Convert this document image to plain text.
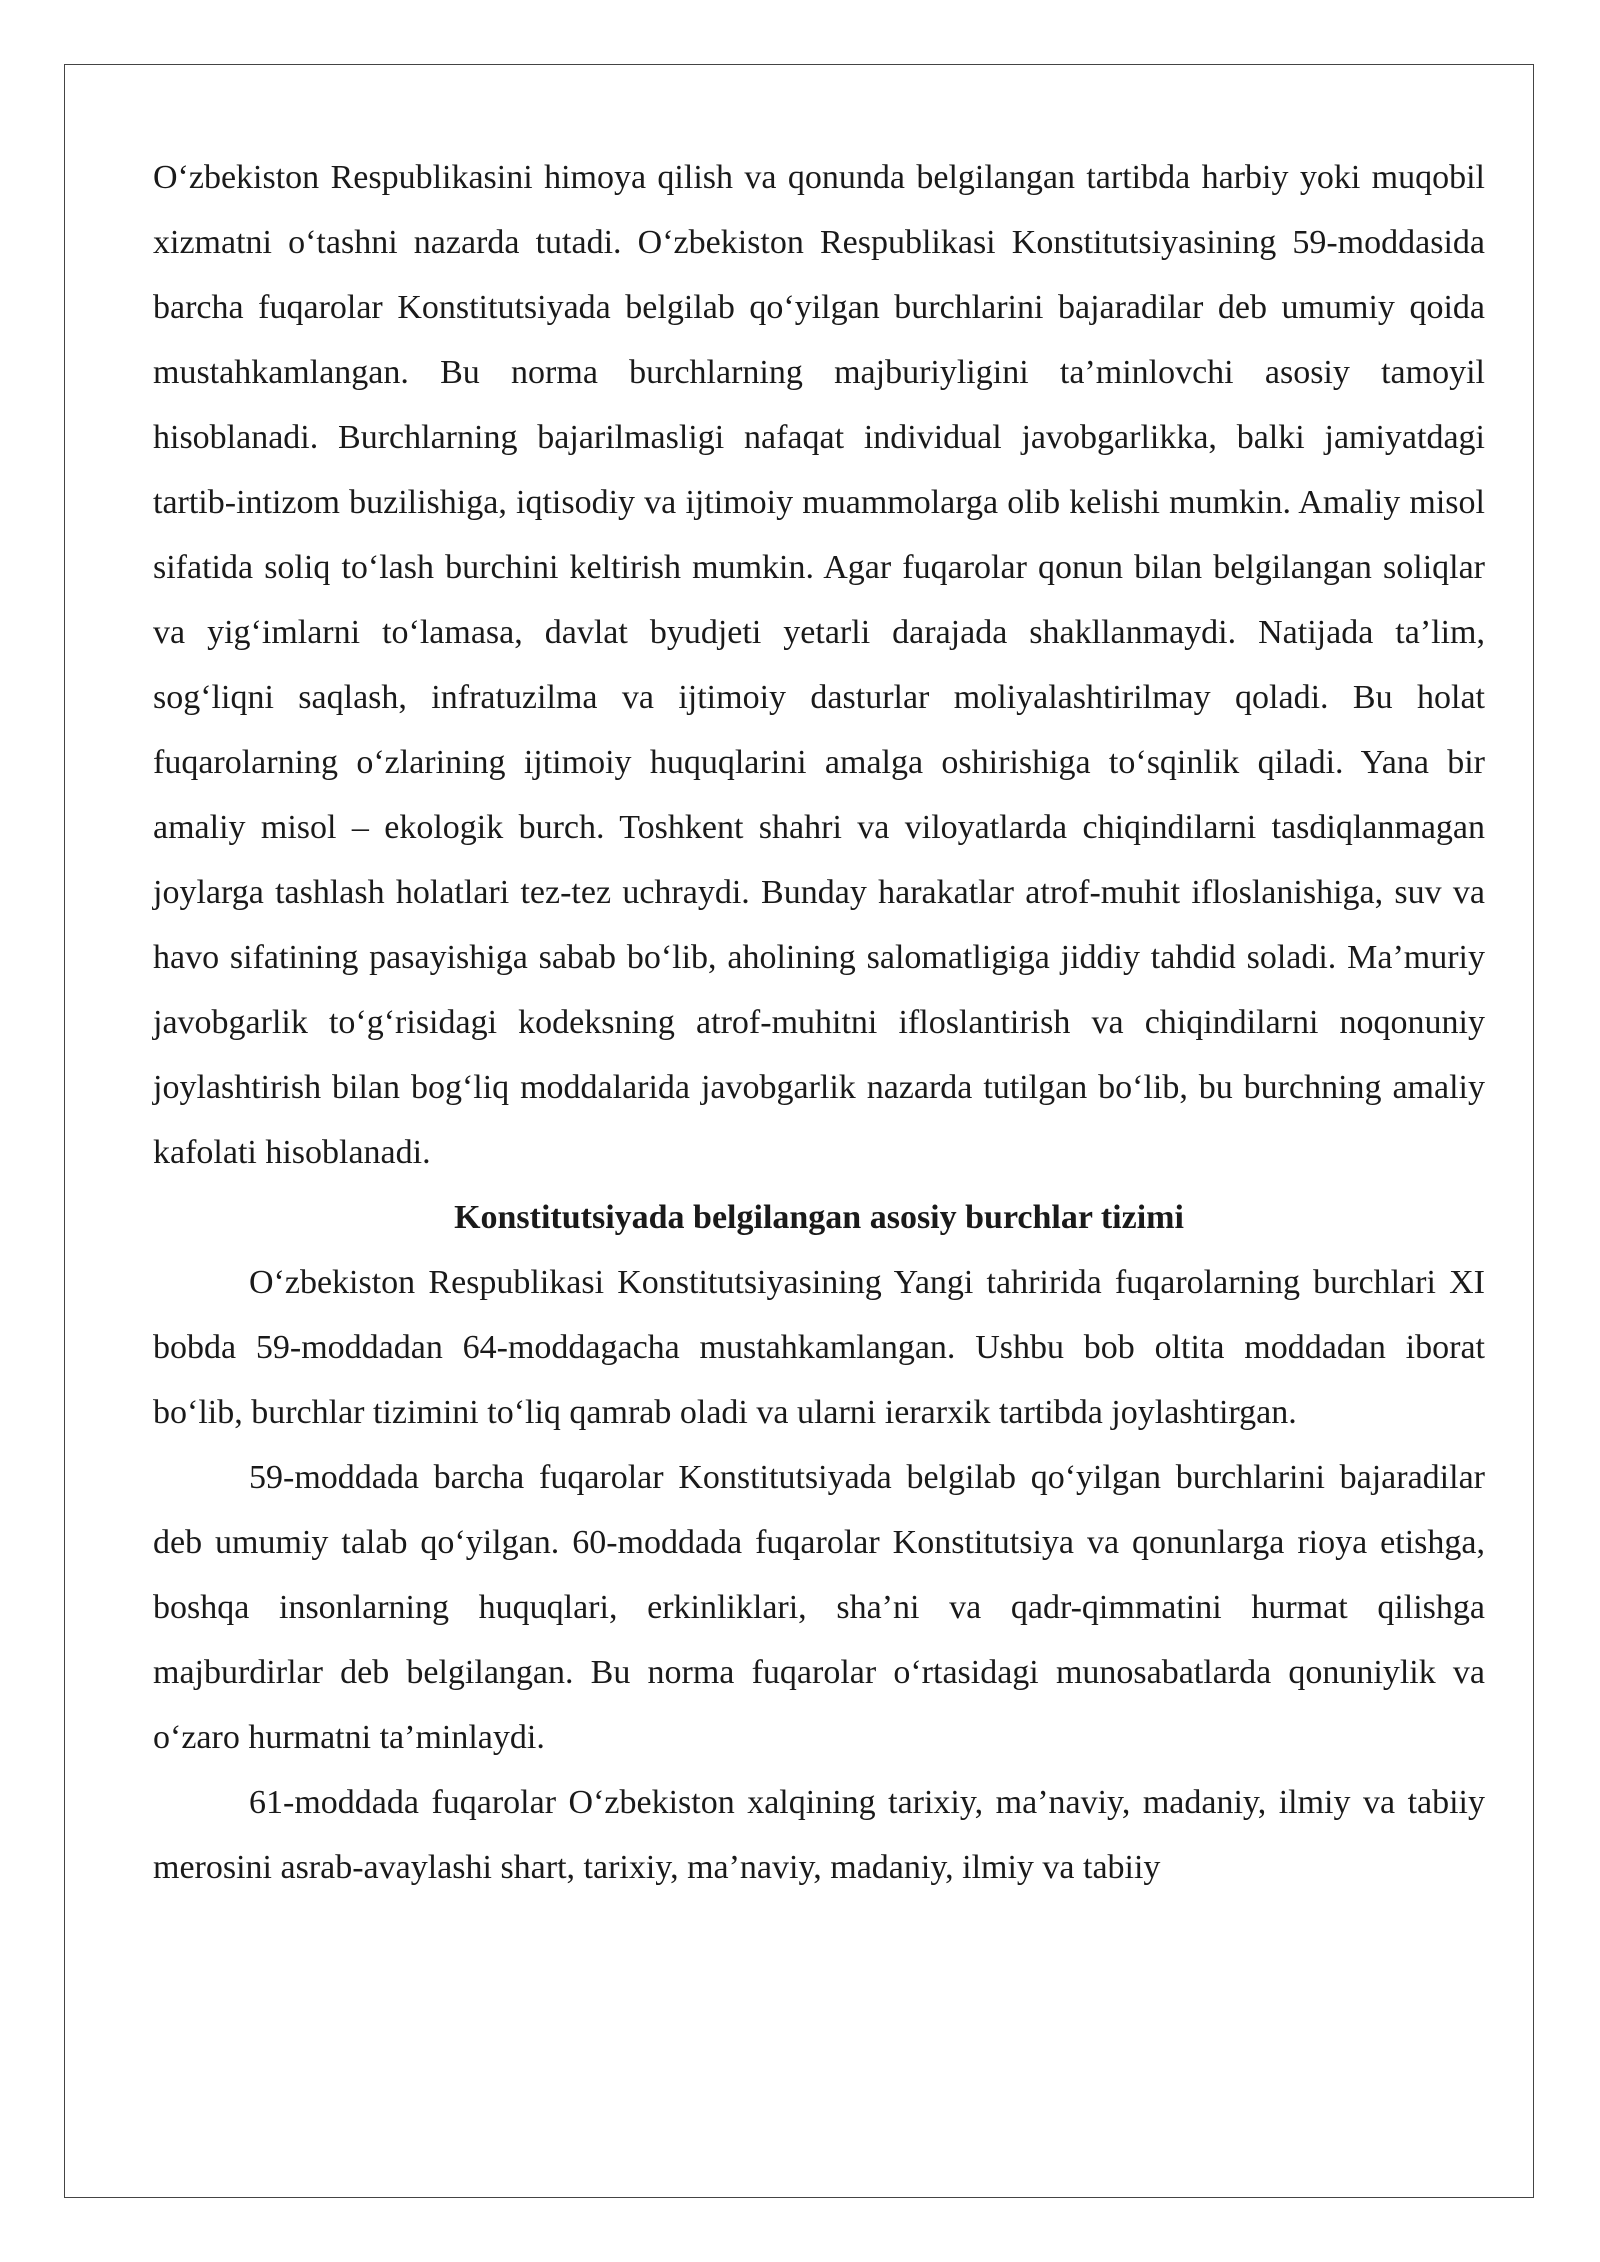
O‘zbekiston Respublikasini himoya qilish va qonunda belgilangan tartibda harbiy yoki muqobil xizmatni o‘tashni nazarda tutadi. O‘zbekiston Respublikasi Konstitutsiyasining 59-moddasida barcha fuqarolar Konstitutsiyada belgilab qo‘yilgan burchlarini bajaradilar deb umumiy qoida mustahkamlangan. Bu norma burchlarning majburiyligini ta’minlovchi asosiy tamoyil hisoblanadi. Burchlarning bajarilmasligi nafaqat individual javobgarlikka, balki jamiyatdagi tartib-intizom buzilishiga, iqtisodiy va ijtimoiy muammolarga olib kelishi mumkin. Amaliy misol sifatida soliq to‘lash burchini keltirish mumkin. Agar fuqarolar qonun bilan belgilangan soliqlar va yig‘imlarni to‘lamasa, davlat byudjeti yetarli darajada shakllanmaydi. Natijada ta’lim, sog‘liqni saqlash, infratuzilma va ijtimoiy dasturlar moliyalashtirilmay qoladi. Bu holat fuqarolarning o‘zlarining ijtimoiy huquqlarini amalga oshirishiga to‘sqinlik qiladi. Yana bir amaliy misol – ekologik burch. Toshkent shahri va viloyatlarda chiqindilarni tasdiqlanmagan joylarga tashlash holatlari tez-tez uchraydi. Bunday harakatlar atrof-muhit ifloslanishiga, suv va havo sifatining pasayishiga sabab bo‘lib, aholining salomatligiga jiddiy tahdid soladi. Ma’muriy javobgarlik to‘g‘risidagi kodeksning atrof-muhitni ifloslantirish va chiqindilarni noqonuniy joylashtirish bilan bog‘liq moddalarida javobgarlik nazarda tutilgan bo‘lib, bu burchning amaliy kafolati hisoblanadi.

Konstitutsiyada belgilangan asosiy burchlar tizimi

O‘zbekiston Respublikasi Konstitutsiyasining Yangi tahririda fuqarolarning burchlari XI bobda 59-moddadan 64-moddagacha mustahkamlangan. Ushbu bob oltita moddadan iborat bo‘lib, burchlar tizimini to‘liq qamrab oladi va ularni ierarxik tartibda joylashtirgan.

59-moddada barcha fuqarolar Konstitutsiyada belgilab qo‘yilgan burchlarini bajaradilar deb umumiy talab qo‘yilgan. 60-moddada fuqarolar Konstitutsiya va qonunlarga rioya etishga, boshqa insonlarning huquqlari, erkinliklari, sha’ni va qadr-qimmatini hurmat qilishga majburdirlar deb belgilangan. Bu norma fuqarolar o‘rtasidagi munosabatlarda qonuniylik va o‘zaro hurmatni ta’minlaydi.

61-moddada fuqarolar O‘zbekiston xalqining tarixiy, ma’naviy, madaniy, ilmiy va tabiiy merosini asrab-avaylashi shart, tarixiy, ma’naviy, madaniy, ilmiy va tabiiy
